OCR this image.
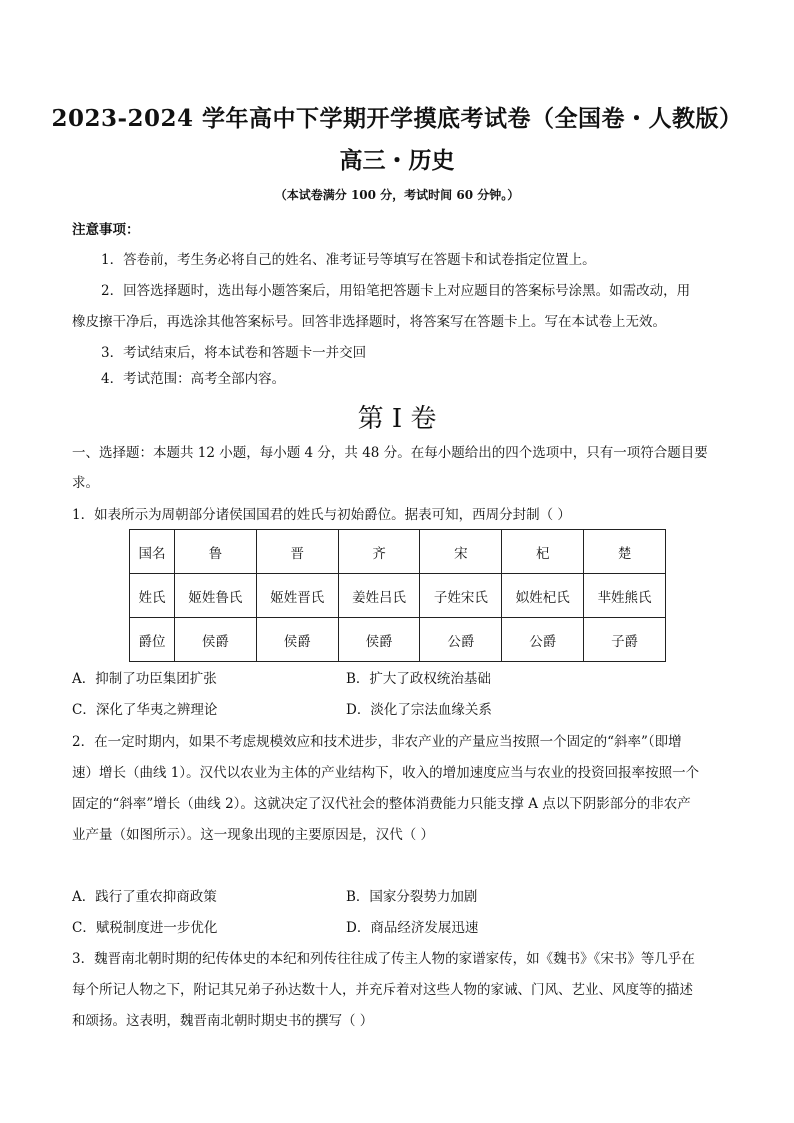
2023-2024 学年高中下学期开学摸底考试卷（全国卷・人教版）
高三・历史
（本试卷满分 100 分，考试时间 60 分钟。）
注意事项：
1．答卷前，考生务必将自己的姓名、准考证号等填写在答题卡和试卷指定位置上。
2．回答选择题时，选出每小题答案后，用铅笔把答题卡上对应题目的答案标号涂黑。如需改动，用
橡皮擦干净后，再选涂其他答案标号。回答非选择题时，将答案写在答题卡上。写在本试卷上无效。
3．考试结束后，将本试卷和答题卡一并交回
4．考试范围：高考全部内容。
第 I 卷
一、选择题：本题共 12 小题，每小题 4 分，共 48 分。在每小题给出的四个选项中，只有一项符合题目要
求。
1．如表所示为周朝部分诸侯国国君的姓氏与初始爵位。据表可知，西周分封制（ ）
国名	鲁	晋	齐	宋	杞	楚
姓氏	姬姓鲁氏	姬姓晋氏	姜姓吕氏	子姓宋氏	姒姓杞氏	芈姓熊氏
爵位	侯爵	侯爵	侯爵	公爵	公爵	子爵
A．抑制了功臣集团扩张	B．扩大了政权统治基础
C．深化了华夷之辨理论	D．淡化了宗法血缘关系
2．在一定时期内，如果不考虑规模效应和技术进步，非农产业的产量应当按照一个固定的“斜率”（即增
速）增长（曲线 1）。汉代以农业为主体的产业结构下，收入的增加速度应当与农业的投资回报率按照一个
固定的“斜率”增长（曲线 2）。这就决定了汉代社会的整体消费能力只能支撑 A 点以下阴影部分的非农产
业产量（如图所示）。这一现象出现的主要原因是，汉代（ ）
A．践行了重农抑商政策	B．国家分裂势力加剧
C．赋税制度进一步优化	D．商品经济发展迅速
3．魏晋南北朝时期的纪传体史的本纪和列传往往成了传主人物的家谱家传，如《魏书》《宋书》等几乎在
每个所记人物之下，附记其兄弟子孙达数十人，并充斥着对这些人物的家诫、门风、艺业、风度等的描述
和颂扬。这表明，魏晋南北朝时期史书的撰写（ ）
